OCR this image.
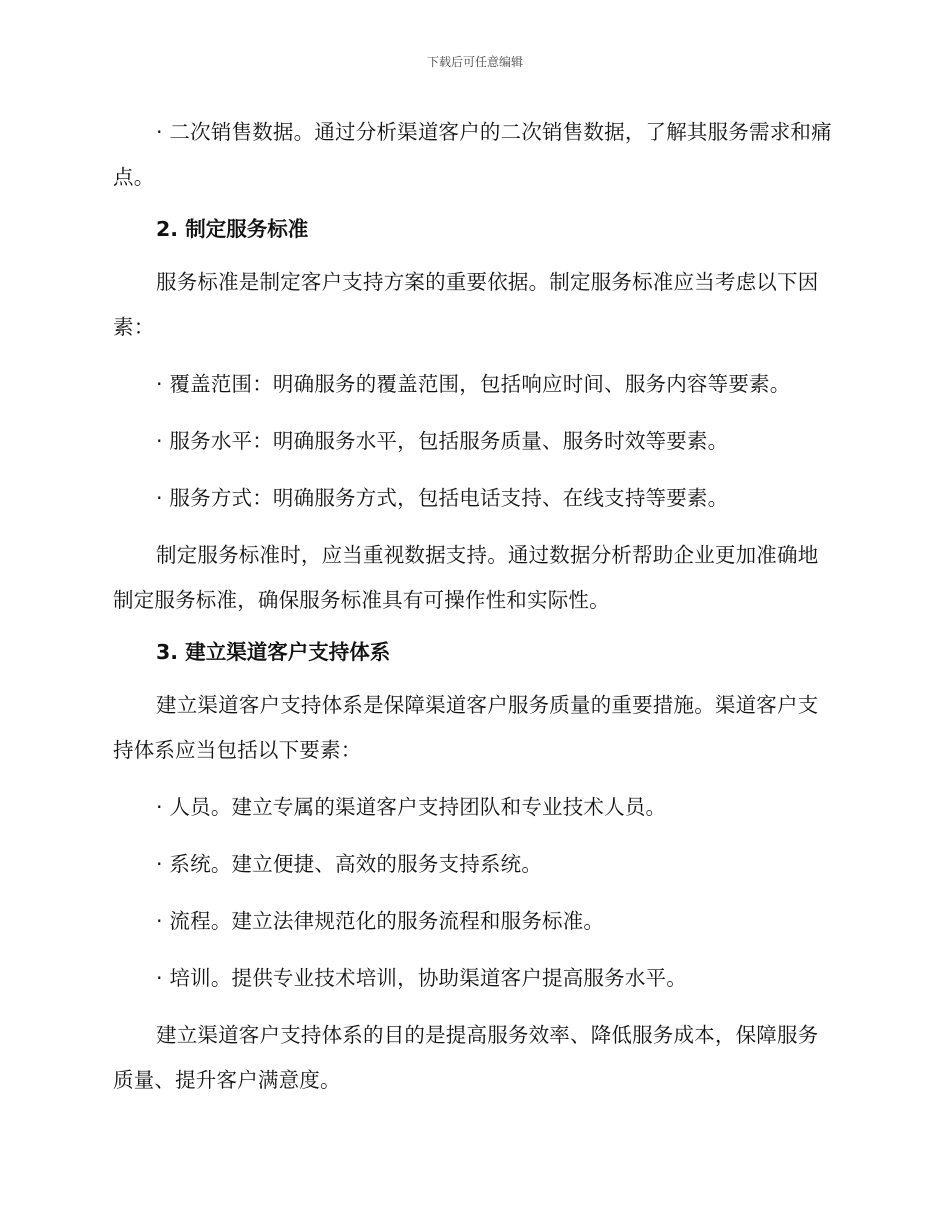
下载后可任意编辑

· 二次销售数据。通过分析渠道客户的二次销售数据，了解其服务需求和痛点。

2. 制定服务标准

服务标准是制定客户支持方案的重要依据。制定服务标准应当考虑以下因素：

· 覆盖范围：明确服务的覆盖范围，包括响应时间、服务内容等要素。

· 服务水平：明确服务水平，包括服务质量、服务时效等要素。

· 服务方式：明确服务方式，包括电话支持、在线支持等要素。

制定服务标准时，应当重视数据支持。通过数据分析帮助企业更加准确地制定服务标准，确保服务标准具有可操作性和实际性。

3. 建立渠道客户支持体系

建立渠道客户支持体系是保障渠道客户服务质量的重要措施。渠道客户支持体系应当包括以下要素：

· 人员。建立专属的渠道客户支持团队和专业技术人员。

· 系统。建立便捷、高效的服务支持系统。

· 流程。建立法律规范化的服务流程和服务标准。

· 培训。提供专业技术培训，协助渠道客户提高服务水平。

建立渠道客户支持体系的目的是提高服务效率、降低服务成本，保障服务质量、提升客户满意度。
